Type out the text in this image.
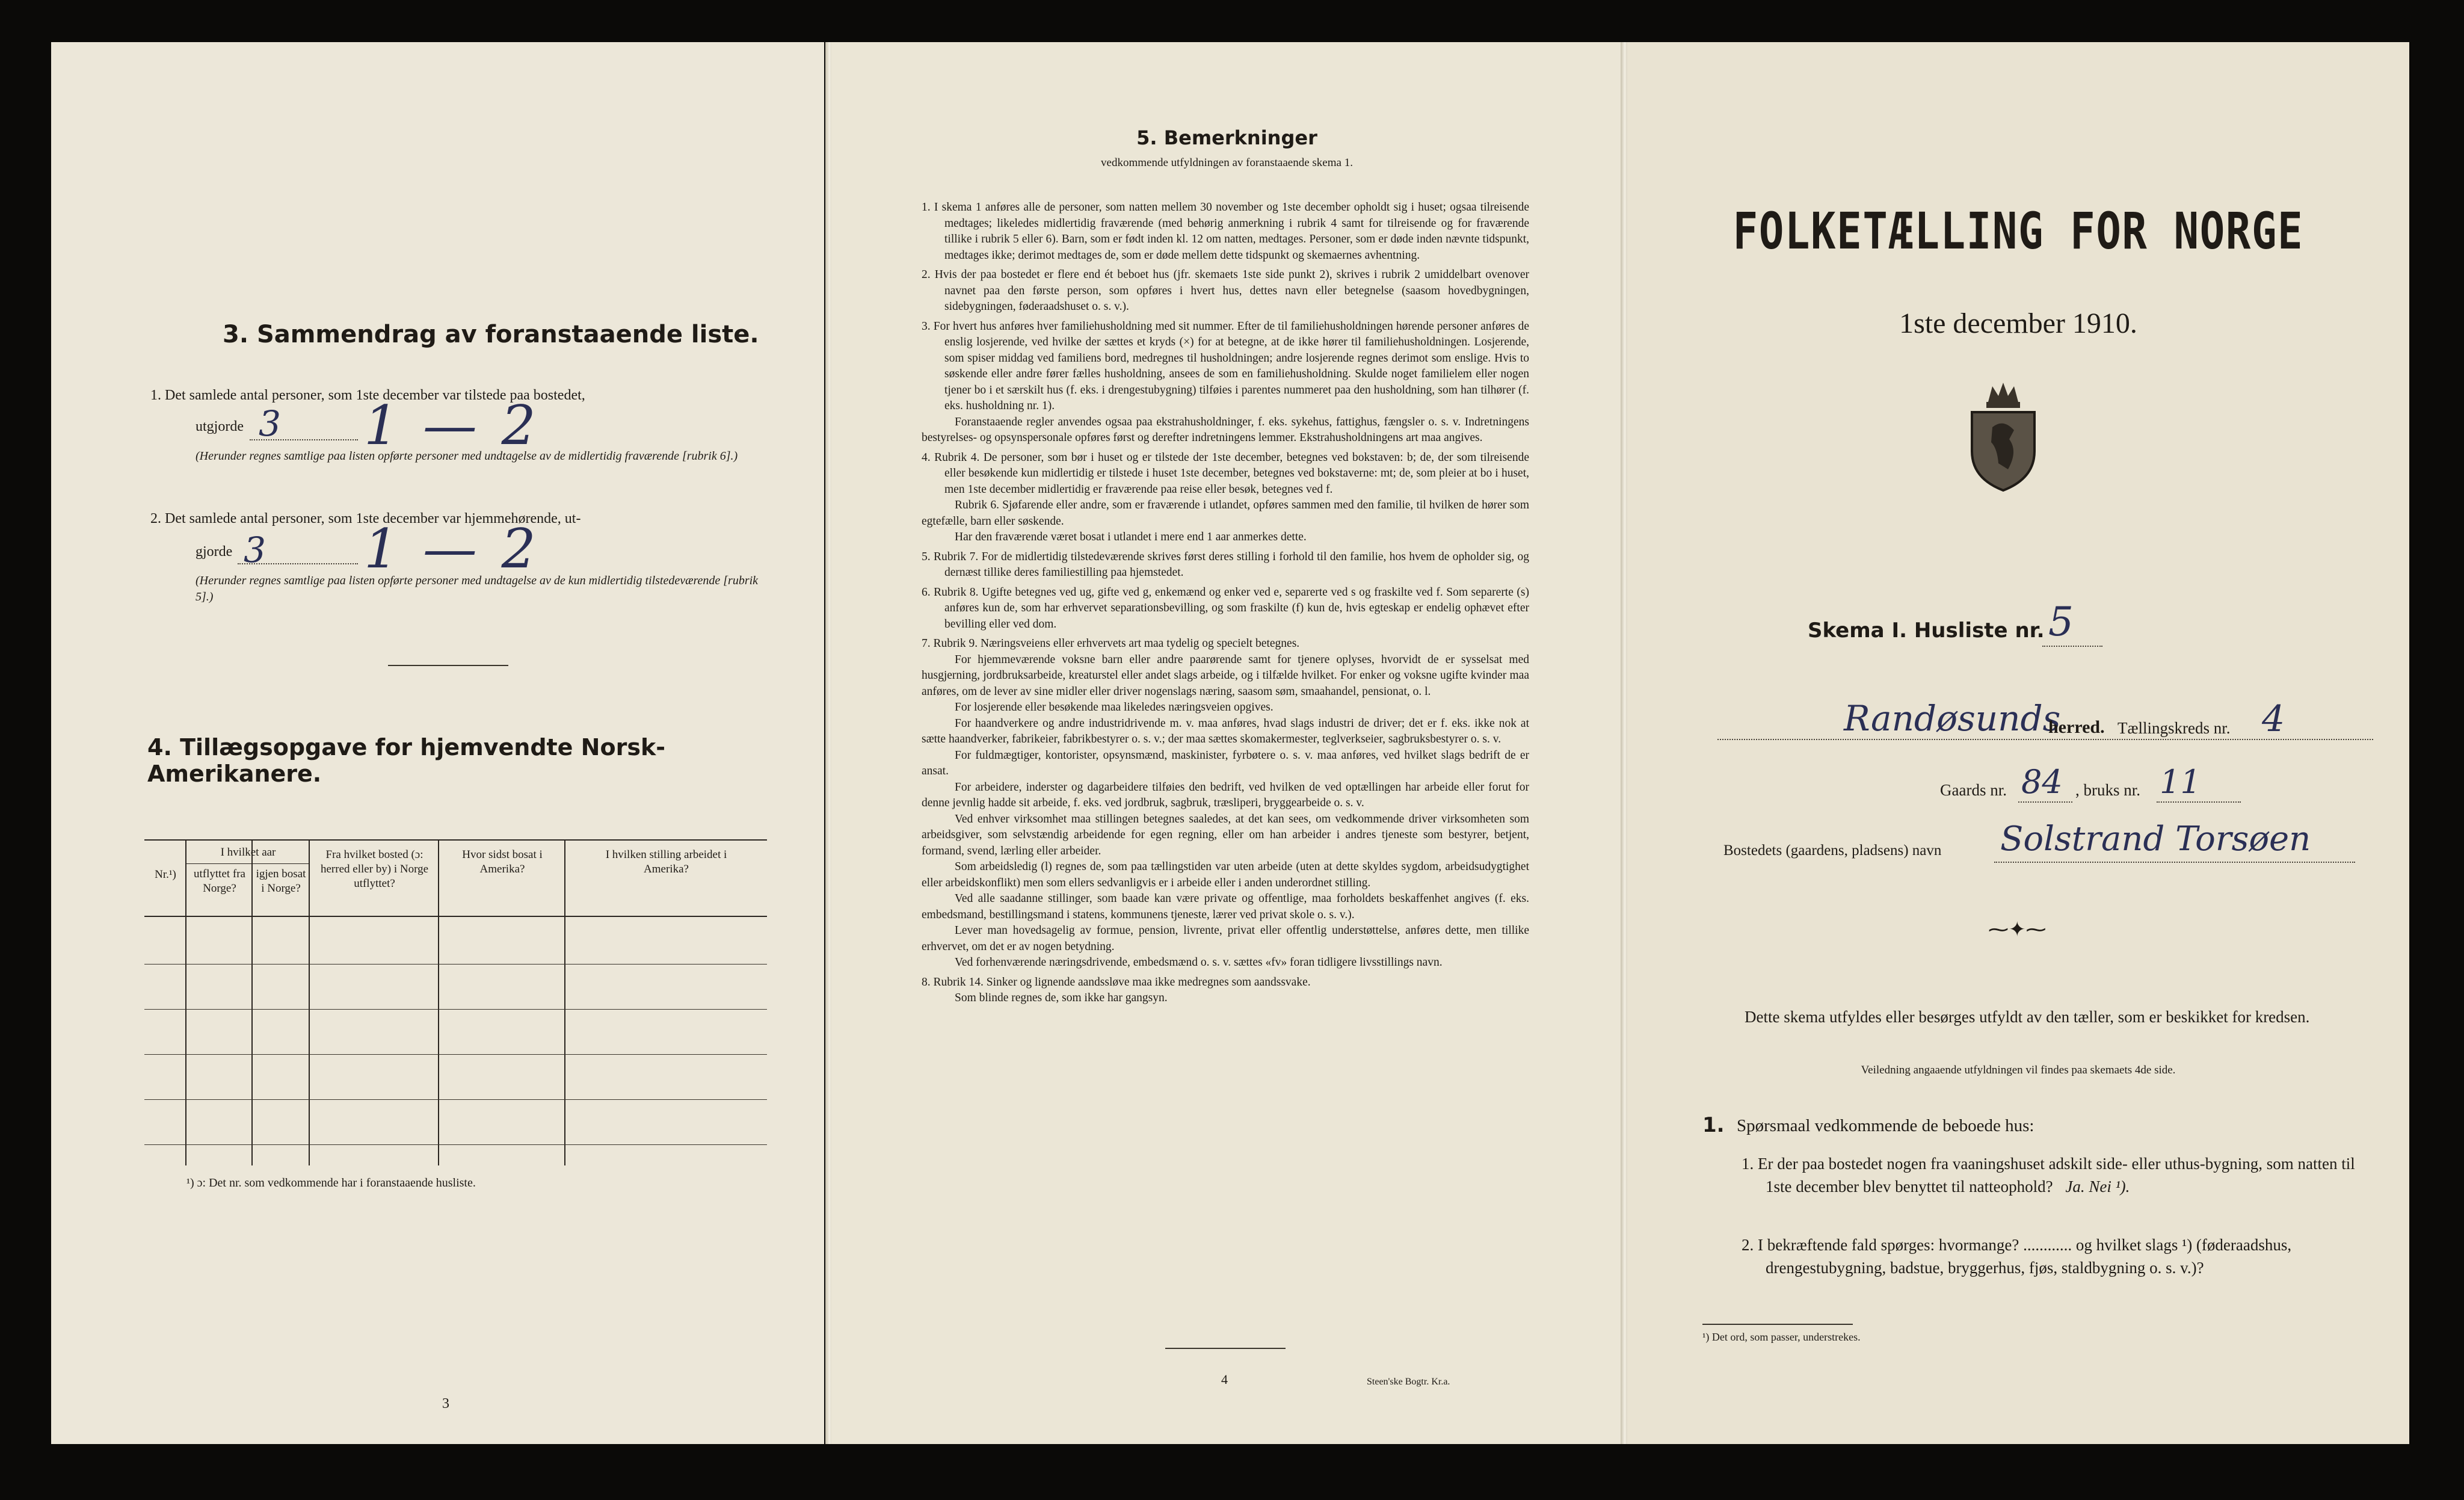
3. Sammendrag av foranstaaende liste.
1. Det samlede antal personer, som 1ste december var tilstede paa bostedet,
utgjorde 3 1 — 2
(Herunder regnes samtlige paa listen opførte personer med undtagelse av de midlertidig fraværende [rubrik 6].)
2. Det samlede antal personer, som 1ste december var hjemmehørende, ut-
gjorde 3 1 — 2
(Herunder regnes samtlige paa listen opførte personer med undtagelse av de kun midlertidig tilstedeværende [rubrik 5].)
4. Tillægsopgave for hjemvendte Norsk-Amerikanere.
Nr.¹)
I hvilket aar
utflyttet fra Norge?
igjen bosat i Norge?
Fra hvilket bosted (ɔ: herred eller by) i Norge utflyttet?
Hvor sidst bosat i Amerika?
I hvilken stilling arbeidet i Amerika?
¹) ɔ: Det nr. som vedkommende har i foranstaaende husliste.
3
5. Bemerkninger
vedkommende utfyldningen av foranstaaende skema 1.

1. I skema 1 anføres alle de personer, som natten mellem 30 november og 1ste december opholdt sig i huset; ogsaa tilreisende medtages; likeledes midlertidig fraværende (med behørig anmerkning i rubrik 4 samt for tilreisende og for fraværende tillike i rubrik 5 eller 6). Barn, som er født inden kl. 12 om natten, medtages. Personer, som er døde inden nævnte tidspunkt, medtages ikke; derimot medtages de, som er døde mellem dette tidspunkt og skemaernes avhentning.

2. Hvis der paa bostedet er flere end ét beboet hus (jfr. skemaets 1ste side punkt 2), skrives i rubrik 2 umiddelbart ovenover navnet paa den første person, som opføres i hvert hus, dettes navn eller betegnelse (saasom hovedbygningen, sidebygningen, føderaadshuset o. s. v.).

3. For hvert hus anføres hver familiehusholdning med sit nummer. Efter de til familiehusholdningen hørende personer anføres de enslig losjerende, ved hvilke der sættes et kryds (×) for at betegne, at de ikke hører til familiehusholdningen. Losjerende, som spiser middag ved familiens bord, medregnes til husholdningen; andre losjerende regnes derimot som enslige. Hvis to søskende eller andre fører fælles husholdning, ansees de som en familiehusholdning. Skulde noget familielem eller nogen tjener bo i et særskilt hus (f. eks. i drengestubygning) tilføies i parentes nummeret paa den husholdning, som han tilhører (f. eks. husholdning nr. 1).

Foranstaaende regler anvendes ogsaa paa ekstrahusholdninger, f. eks. sykehus, fattighus, fængsler o. s. v. Indretningens bestyrelses- og opsynspersonale opføres først og derefter indretningens lemmer. Ekstrahusholdningens art maa angives.

4. Rubrik 4. De personer, som bør i huset og er tilstede der 1ste december, betegnes ved bokstaven: b; de, der som tilreisende eller besøkende kun midlertidig er tilstede i huset 1ste december, betegnes ved bokstaverne: mt; de, som pleier at bo i huset, men 1ste december midlertidig er fraværende paa reise eller besøk, betegnes ved f.

Rubrik 6. Sjøfarende eller andre, som er fraværende i utlandet, opføres sammen med den familie, til hvilken de hører som egtefælle, barn eller søskende.

Har den fraværende været bosat i utlandet i mere end 1 aar anmerkes dette.

5. Rubrik 7. For de midlertidig tilstedeværende skrives først deres stilling i forhold til den familie, hos hvem de opholder sig, og dernæst tillike deres familiestilling paa hjemstedet.

6. Rubrik 8. Ugifte betegnes ved ug, gifte ved g, enkemænd og enker ved e, separerte ved s og fraskilte ved f. Som separerte (s) anføres kun de, som har erhvervet separationsbevilling, og som fraskilte (f) kun de, hvis egteskap er endelig ophævet efter bevilling eller ved dom.

7. Rubrik 9. Næringsveiens eller erhvervets art maa tydelig og specielt betegnes.

For hjemmeværende voksne barn eller andre paarørende samt for tjenere oplyses, hvorvidt de er sysselsat med husgjerning, jordbruksarbeide, kreaturstel eller andet slags arbeide, og i tilfælde hvilket. For enker og voksne ugifte kvinder maa anføres, om de lever av sine midler eller driver nogenslags næring, saasom søm, smaahandel, pensionat, o. l.

For losjerende eller besøkende maa likeledes næringsveien opgives.

For haandverkere og andre industridrivende m. v. maa anføres, hvad slags industri de driver; det er f. eks. ikke nok at sætte haandverker, fabrikeier, fabrikbestyrer o. s. v.; der maa sættes skomakermester, teglverkseier, sagbruksbestyrer o. s. v.

For fuldmægtiger, kontorister, opsynsmænd, maskinister, fyrbøtere o. s. v. maa anføres, ved hvilket slags bedrift de er ansat.

For arbeidere, inderster og dagarbeidere tilføies den bedrift, ved hvilken de ved optællingen har arbeide eller forut for denne jevnlig hadde sit arbeide, f. eks. ved jordbruk, sagbruk, træsliperi, bryggearbeide o. s. v.

Ved enhver virksomhet maa stillingen betegnes saaledes, at det kan sees, om vedkommende driver virksomheten som arbeidsgiver, som selvstændig arbeidende for egen regning, eller om han arbeider i andres tjeneste som bestyrer, betjent, formand, svend, lærling eller arbeider.

Som arbeidsledig (l) regnes de, som paa tællingstiden var uten arbeide (uten at dette skyldes sygdom, arbeidsudygtighet eller arbeidskonflikt) men som ellers sedvanligvis er i arbeide eller i anden underordnet stilling.

Ved alle saadanne stillinger, som baade kan være private og offentlige, maa forholdets beskaffenhet angives (f. eks. embedsmand, bestillingsmand i statens, kommunens tjeneste, lærer ved privat skole o. s. v.).

Lever man hovedsagelig av formue, pension, livrente, privat eller offentlig understøttelse, anføres dette, men tillike erhvervet, om det er av nogen betydning.

Ved forhenværende næringsdrivende, embedsmænd o. s. v. sættes «fv» foran tidligere livsstillings navn.

8. Rubrik 14. Sinker og lignende aandssløve maa ikke medregnes som aandssvake.

Som blinde regnes de, som ikke har gangsyn.

4	Steen'ske Bogtr. Kr.a.
FOLKETÆLLING FOR NORGE
1ste december 1910.
Skema I. Husliste nr. 5
Randøsunds
herred. Tællingskreds nr. 4
Gaards nr. 84 , bruks nr. 11
Bostedets (gaardens, pladsens) navn Solstrand Torsøen
⁓✦⁓
Dette skema utfyldes eller besørges utfyldt av den tæller, som er beskikket for kredsen.
Veiledning angaaende utfyldningen vil findes paa skemaets 4de side.
1. Spørsmaal vedkommende de beboede hus:
1. Er der paa bostedet nogen fra vaaningshuset adskilt side- eller uthus-bygning, som natten til 1ste december blev benyttet til natteophold? Ja. Nei ¹).
2. I bekræftende fald spørges: hvormange? ............ og hvilket slags ¹) (føderaadshus, drengestubygning, badstue, bryggerhus, fjøs, staldbygning o. s. v.)?
¹) Det ord, som passer, understrekes.
